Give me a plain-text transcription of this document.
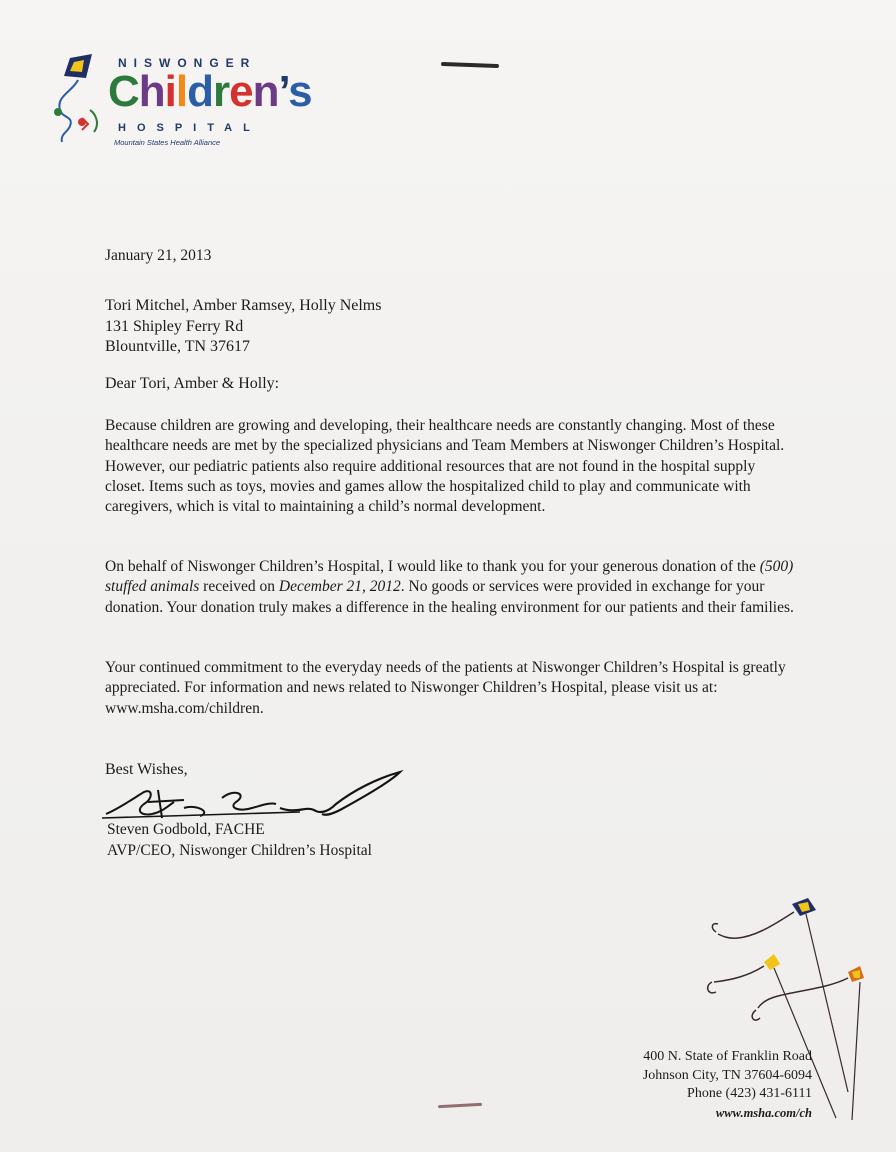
NISWONGER
Children’s
HOSPITAL
Mountain States Health Alliance
January 21, 2013
Tori Mitchel, Amber Ramsey, Holly Nelms
131 Shipley Ferry Rd
Blountville, TN 37617
Dear Tori, Amber & Holly:
Because children are growing and developing, their healthcare needs are constantly changing. Most of these healthcare needs are met by the specialized physicians and Team Members at Niswonger Children’s Hospital. However, our pediatric patients also require additional resources that are not found in the hospital supply closet. Items such as toys, movies and games allow the hospitalized child to play and communicate with caregivers, which is vital to maintaining a child’s normal development.
On behalf of Niswonger Children’s Hospital, I would like to thank you for your generous donation of the (500) stuffed animals received on December 21, 2012. No goods or services were provided in exchange for your donation. Your donation truly makes a difference in the healing environment for our patients and their families.
Your continued commitment to the everyday needs of the patients at Niswonger Children’s Hospital is greatly appreciated. For information and news related to Niswonger Children’s Hospital, please visit us at: www.msha.com/children.
Best Wishes,
Steven Godbold, FACHE
AVP/CEO, Niswonger Children’s Hospital
400 N. State of Franklin Road
Johnson City, TN 37604-6094
Phone (423) 431-6111
www.msha.com/ch
